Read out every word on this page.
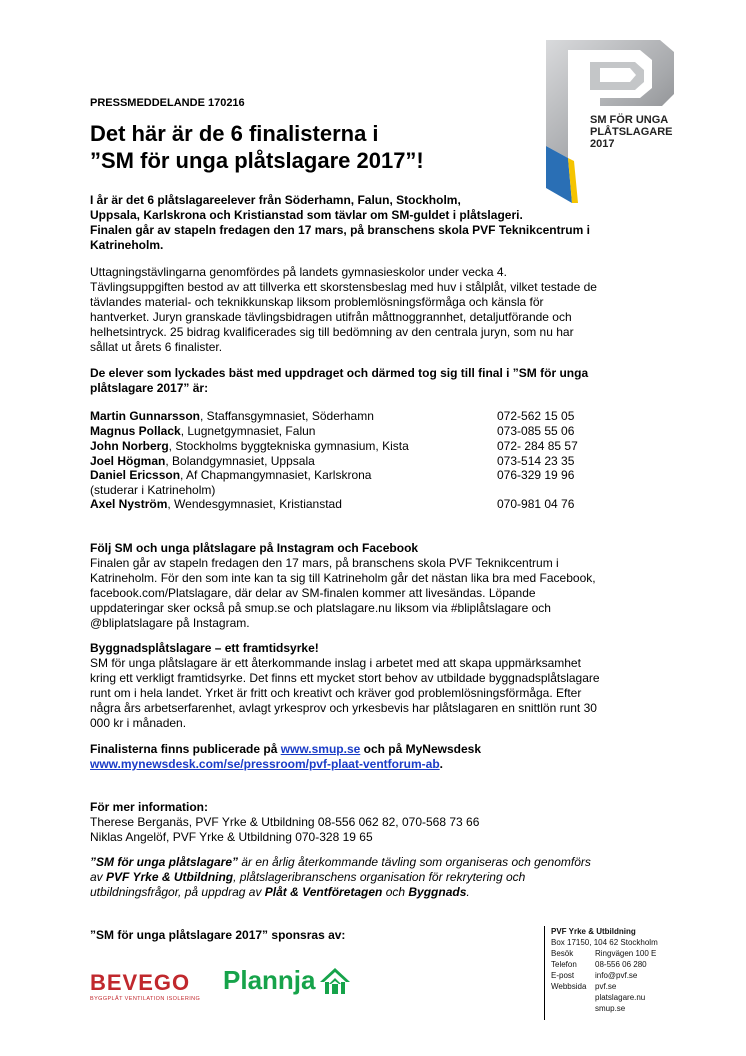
SM FÖR UNGA
PLÅTSLAGARE
2017
PRESSMEDDELANDE 170216
Det här är de 6 finalisterna i
”SM för unga plåtslagare 2017”!
I år är det 6 plåtslagareelever från Söderhamn, Falun, Stockholm,
Uppsala, Karlskrona och Kristianstad som tävlar om SM-guldet i plåtslageri.
Finalen går av stapeln fredagen den 17 mars, på branschens skola PVF Teknikcentrum i
Katrineholm.
Uttagningstävlingarna genomfördes på landets gymnasieskolor under vecka 4.
Tävlingsuppgiften bestod av att tillverka ett skorstensbeslag med huv i stålplåt, vilket testade de
tävlandes material- och teknikkunskap liksom problemlösningsförmåga och känsla för
hantverket. Juryn granskade tävlingsbidragen utifrån måttnoggrannhet, detaljutförande och
helhetsintryck. 25 bidrag kvalificerades sig till bedömning av den centrala juryn, som nu har
sållat ut årets 6 finalister.
De elever som lyckades bäst med uppdraget och därmed tog sig till final i ”SM för unga
plåtslagare 2017” är:
Martin Gunnarsson, Staffansgymnasiet, Söderhamn	072-562 15 05
Magnus Pollack, Lugnetgymnasiet, Falun	073-085 55 06
John Norberg, Stockholms byggtekniska gymnasium, Kista	072- 284 85 57
Joel Högman, Bolandgymnasiet, Uppsala	073-514 23 35
Daniel Ericsson, Af Chapmangymnasiet, Karlskrona	076-329 19 96
(studerar i Katrineholm)
Axel Nyström, Wendesgymnasiet, Kristianstad	070-981 04 76
Följ SM och unga plåtslagare på Instagram och Facebook
Finalen går av stapeln fredagen den 17 mars, på branschens skola PVF Teknikcentrum i
Katrineholm. För den som inte kan ta sig till Katrineholm går det nästan lika bra med Facebook,
facebook.com/Platslagare, där delar av SM-finalen kommer att livesändas. Löpande
uppdateringar sker också på smup.se och platslagare.nu liksom via #bliplåtslagare och
@bliplatslagare på Instagram.
Byggnadsplåtslagare – ett framtidsyrke!
SM för unga plåtslagare är ett återkommande inslag i arbetet med att skapa uppmärksamhet
kring ett verkligt framtidsyrke. Det finns ett mycket stort behov av utbildade byggnadsplåtslagare
runt om i hela landet. Yrket är fritt och kreativt och kräver god problemlösningsförmåga. Efter
några års arbetserfarenhet, avlagt yrkesprov och yrkesbevis har plåtslagaren en snittlön runt 30
000 kr i månaden.
Finalisterna finns publicerade på www.smup.se och på MyNewsdesk
www.mynewsdesk.com/se/pressroom/pvf-plaat-ventforum-ab.
För mer information:
Therese Berganäs, PVF Yrke & Utbildning 08-556 062 82, 070-568 73 66
Niklas Angelöf, PVF Yrke & Utbildning 070-328 19 65
”SM för unga plåtslagare” är en årlig återkommande tävling som organiseras och genomförs
av PVF Yrke & Utbildning, plåtslageribranschens organisation för rekrytering och
utbildningsfrågor, på uppdrag av Plåt & Ventföretagen och Byggnads.
”SM för unga plåtslagare 2017” sponsras av:
BEVEGO
BYGGPLÅT VENTILATION ISOLERING
Plannja
PVF Yrke & Utbildning
Box 17150, 104 62 Stockholm
Besök	Ringvägen 100 E
Telefon	08-556 06 280
E-post	info@pvf.se
Webbsida	pvf.se
platslagare.nu
smup.se
